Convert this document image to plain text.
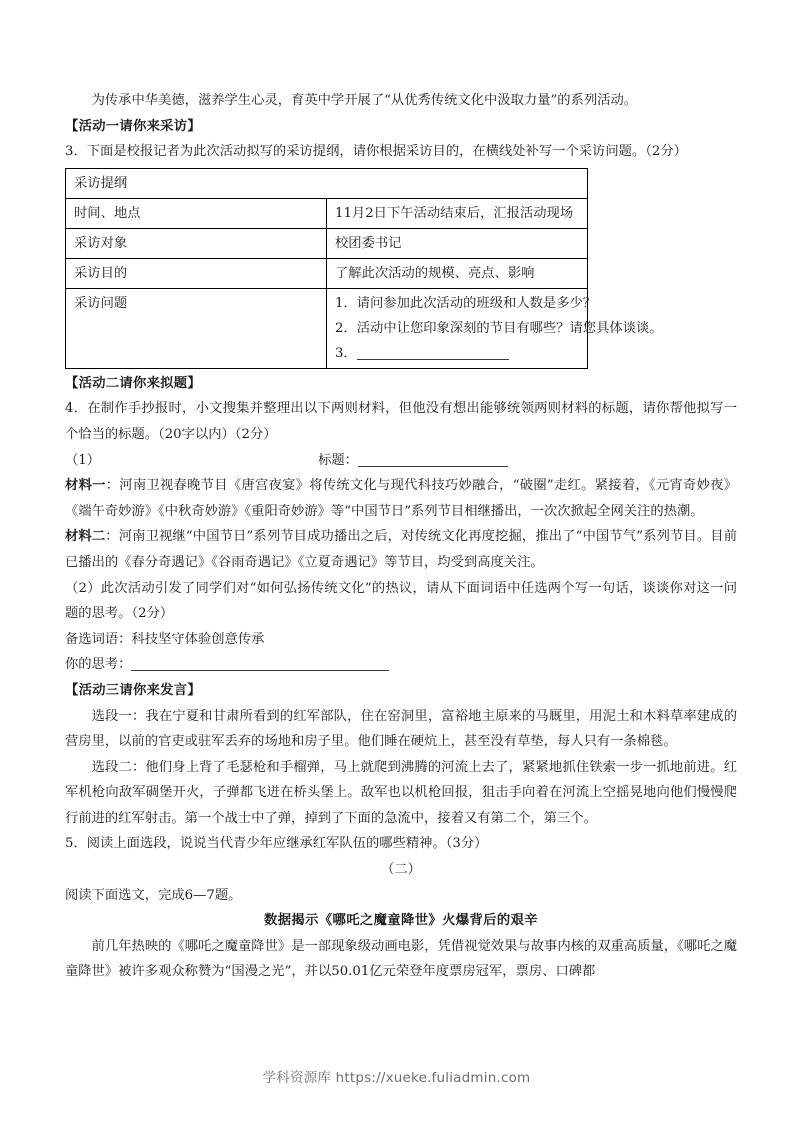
为传承中华美德，滋养学生心灵，育英中学开展了“从优秀传统文化中汲取力量”的系列活动。

【活动一请你来采访】

3．下面是校报记者为此次活动拟写的采访提纲，请你根据采访目的，在横线处补写一个采访问题。（2分）

采访提纲	
时间、地点	11月2日下午活动结束后，汇报活动现场
采访对象	校团委书记
采访目的	了解此次活动的规模、亮点、影响
采访问题	1．请问参加此次活动的班级和人数是多少？
2．活动中让您印象深刻的节目有哪些？请您具体谈谈。
3．

【活动二请你来拟题】

4．在制作手抄报时，小文搜集并整理出以下两则材料，但他没有想出能够统领两则材料的标题，请你帮他拟写一个恰当的标题。（20字以内）（2分）

（1）	标题：

材料一：河南卫视春晚节目《唐宫夜宴》将传统文化与现代科技巧妙融合，“破圈”走红。紧接着，《元宵奇妙夜》《端午奇妙游》《中秋奇妙游》《重阳奇妙游》等“中国节日”系列节目相继播出，一次次掀起全网关注的热潮。

材料二：河南卫视继“中国节日”系列节目成功播出之后，对传统文化再度挖掘，推出了“中国节气”系列节目。目前已播出的《春分奇遇记》《谷雨奇遇记》《立夏奇遇记》等节目，均受到高度关注。

（2）此次活动引发了同学们对“如何弘扬传统文化”的热议，请从下面词语中任选两个写一句话，谈谈你对这一问题的思考。（2分）

备选词语：科技坚守体验创意传承

你的思考：

【活动三请你来发言】

选段一：我在宁夏和甘肃所看到的红军部队，住在窑洞里，富裕地主原来的马厩里，用泥土和木料草率建成的营房里，以前的官吏或驻军丢弃的场地和房子里。他们睡在硬炕上，甚至没有草垫，每人只有一条棉毯。

选段二：他们身上背了毛瑟枪和手榴弹，马上就爬到沸腾的河流上去了，紧紧地抓住铁索一步一抓地前进。红军机枪向敌军碉堡开火，子弹都飞迸在桥头堡上。敌军也以机枪回报，狙击手向着在河流上空摇晃地向他们慢慢爬行前进的红军射击。第一个战士中了弹，掉到了下面的急流中，接着又有第二个，第三个。

5．阅读上面选段，说说当代青少年应继承红军队伍的哪些精神。（3分）

（二）

阅读下面选文，完成6—7题。

数据揭示《哪吒之魔童降世》火爆背后的艰辛

前几年热映的《哪吒之魔童降世》是一部现象级动画电影，凭借视觉效果与故事内核的双重高质量，《哪吒之魔童降世》被许多观众称赞为“国漫之光”，并以50.01亿元荣登年度票房冠军，票房、口碑都

学科资源库 https://xueke.fuliadmin.com
